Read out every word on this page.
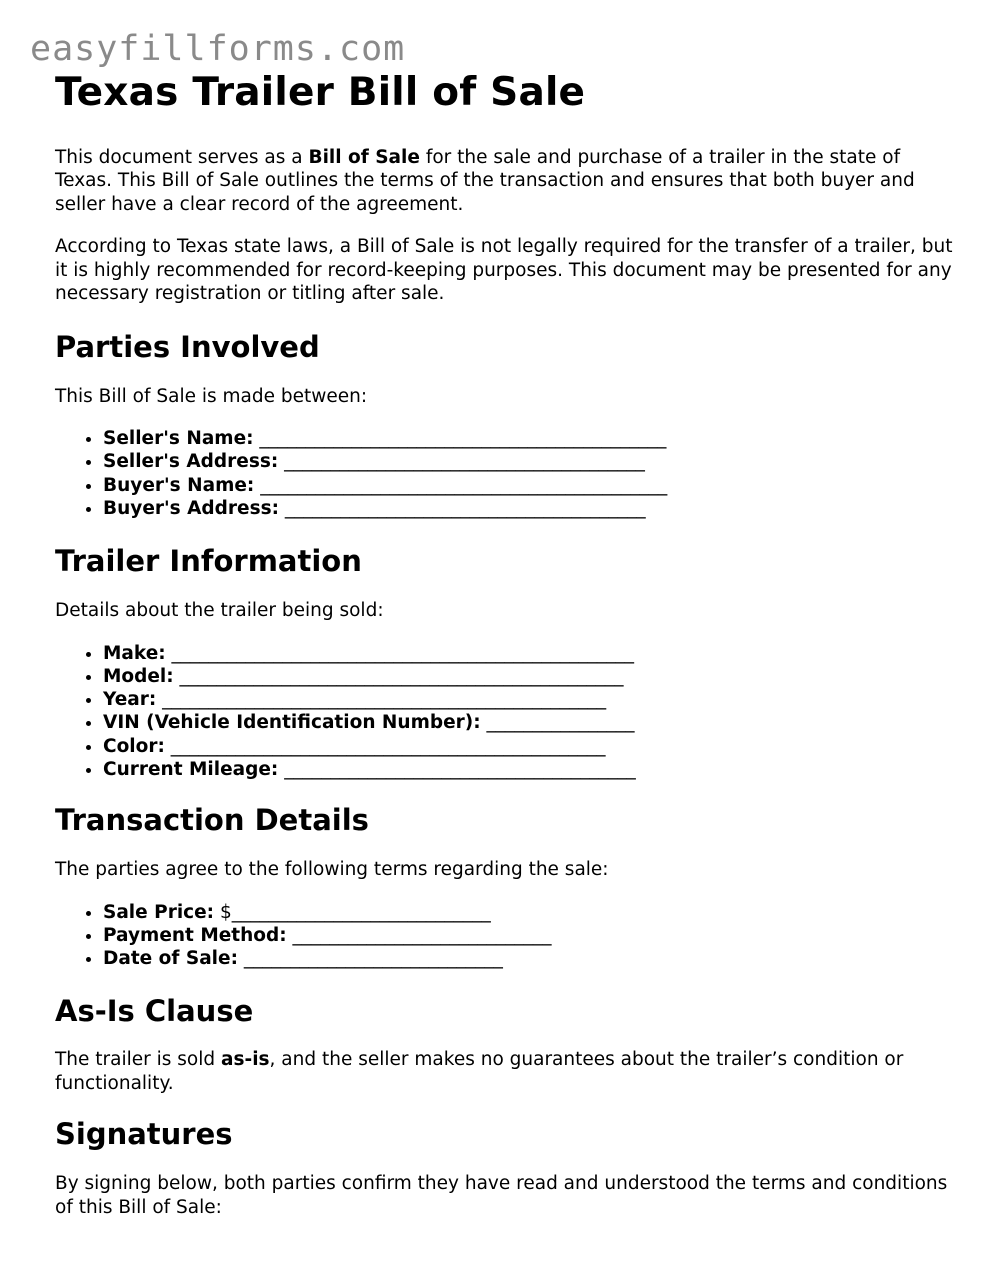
easyfillforms.com
Texas Trailer Bill of Sale

This document serves as a Bill of Sale for the sale and purchase of a trailer in the state of Texas. This Bill of Sale outlines the terms of the transaction and ensures that both buyer and seller have a clear record of the agreement.

According to Texas state laws, a Bill of Sale is not legally required for the transfer of a trailer, but it is highly recommended for record-keeping purposes. This document may be presented for any necessary registration or titling after sale.

Parties Involved

This Bill of Sale is made between:

• Seller's Name: ____________________________________________
• Seller's Address: _______________________________________
• Buyer's Name: ____________________________________________
• Buyer's Address: _______________________________________
Trailer Information

Details about the trailer being sold:

• Make: __________________________________________________
• Model: ________________________________________________
• Year: ________________________________________________
• VIN (Vehicle Identification Number): ________________
• Color: _______________________________________________
• Current Mileage: ______________________________________
Transaction Details

The parties agree to the following terms regarding the sale:

• Sale Price: $____________________________
• Payment Method: ____________________________
• Date of Sale: ____________________________
As-Is Clause

The trailer is sold as-is, and the seller makes no guarantees about the trailer’s condition or functionality.

Signatures

By signing below, both parties confirm they have read and understood the terms and conditions of this Bill of Sale:
